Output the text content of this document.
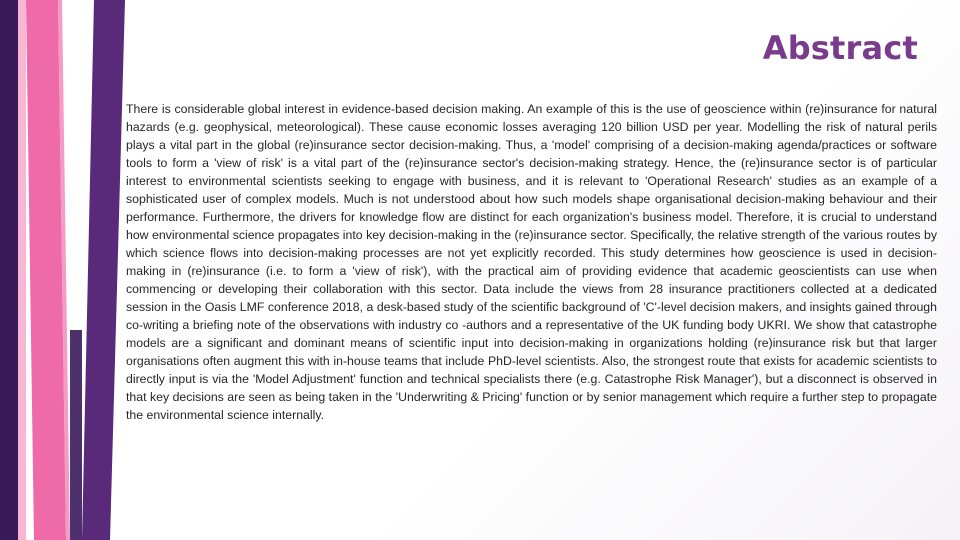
Abstract

There is considerable global interest in evidence-based decision making. An example of this is the use of geoscience within (re)insurance for natural hazards (e.g. geophysical, meteorological). These cause economic losses averaging 120 billion USD per year. Modelling the risk of natural perils plays a vital part in the global (re)insurance sector decision-making. Thus, a 'model' comprising of a decision-making agenda/practices or software tools to form a 'view of risk' is a vital part of the (re)insurance sector's decision-making strategy. Hence, the (re)insurance sector is of particular interest to environmental scientists seeking to engage with business, and it is relevant to 'Operational Research' studies as an example of a sophisticated user of complex models. Much is not understood about how such models shape organisational decision-making behaviour and their performance. Furthermore, the drivers for knowledge flow are distinct for each organization's business model. Therefore, it is crucial to understand how environmental science propagates into key decision-making in the (re)insurance sector. Specifically, the relative strength of the various routes by which science flows into decision-making processes are not yet explicitly recorded. This study determines how geoscience is used in decision-making in (re)insurance (i.e. to form a 'view of risk'), with the practical aim of providing evidence that academic geoscientists can use when commencing or developing their collaboration with this sector. Data include the views from 28 insurance practitioners collected at a dedicated session in the Oasis LMF conference 2018, a desk-based study of the scientific background of 'C'-level decision makers, and insights gained through co-writing a briefing note of the observations with industry co -authors and a representative of the UK funding body UKRI. We show that catastrophe models are a significant and dominant means of scientific input into decision-making in organizations holding (re)insurance risk but that larger organisations often augment this with in-house teams that include PhD-level scientists. Also, the strongest route that exists for academic scientists to directly input is via the 'Model Adjustment' function and technical specialists there (e.g. Catastrophe Risk Manager'), but a disconnect is observed in that key decisions are seen as being taken in the 'Underwriting & Pricing' function or by senior management which require a further step to propagate the environmental science internally.
